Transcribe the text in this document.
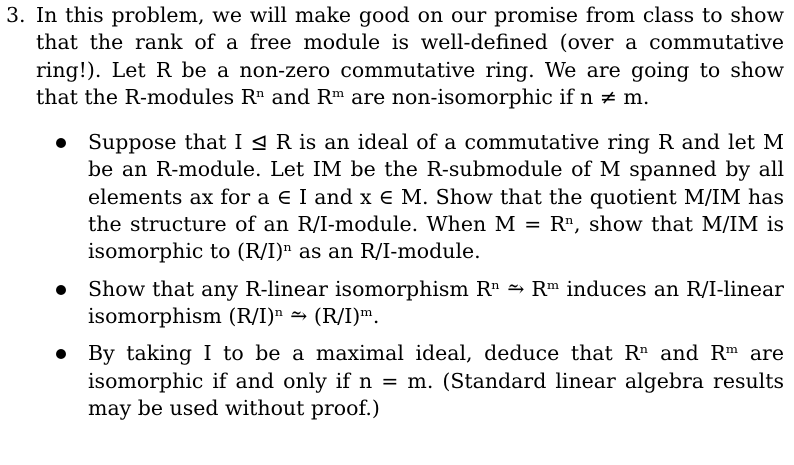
3. In this problem, we will make good on our promise from class to show that the rank of a free module is well-defined (over a commutative ring!). Let R be a non-zero commutative ring. We are going to show that the R-modules Rⁿ and Rᵐ are non-isomorphic if n ≠ m.
Suppose that I ⊴ R is an ideal of a commutative ring R and let M be an R-module. Let IM be the R-submodule of M spanned by all elements ax for a ∈ I and x ∈ M. Show that the quotient M/IM has the structure of an R/I-module. When M = Rⁿ, show that M/IM is isomorphic to (R/I)ⁿ as an R/I-module.
Show that any R-linear isomorphism Rⁿ ⥲ Rᵐ induces an R/I-linear isomorphism (R/I)ⁿ ⥲ (R/I)ᵐ.
By taking I to be a maximal ideal, deduce that Rⁿ and Rᵐ are isomorphic if and only if n = m. (Standard linear algebra results may be used without proof.)
